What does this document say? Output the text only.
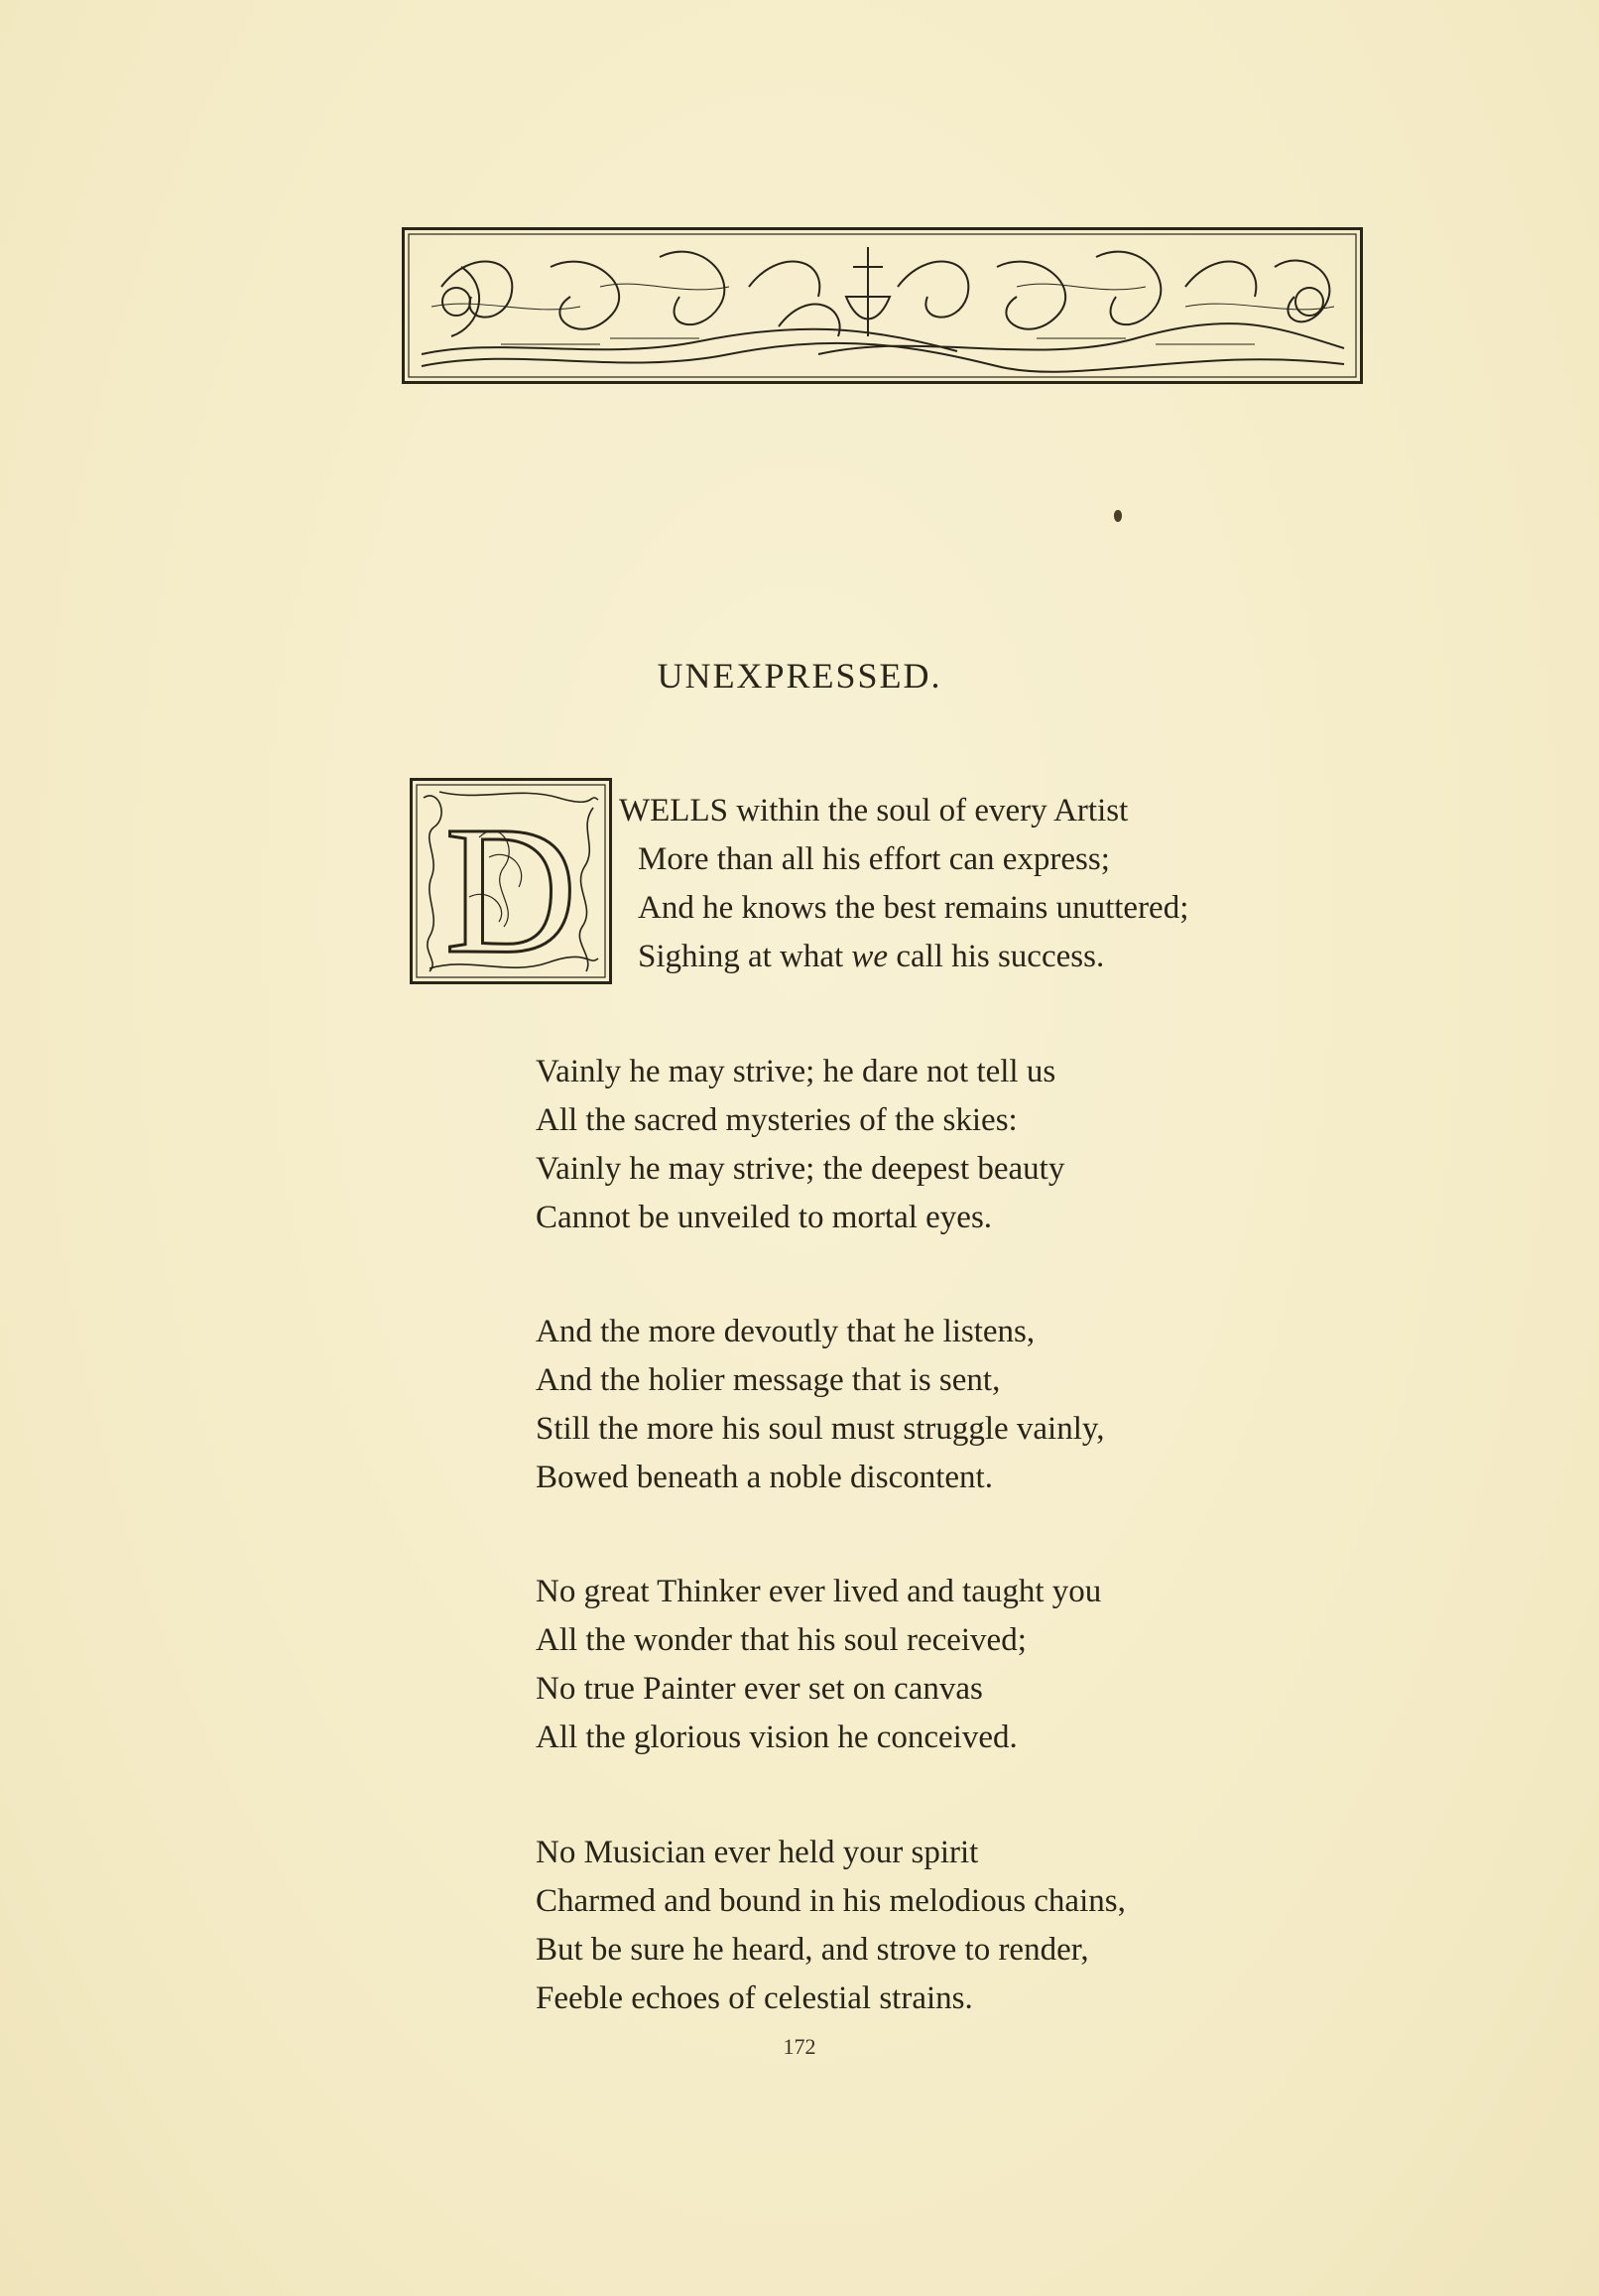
UNEXPRESSED.
D WELLS within the soul of every Artist
More than all his effort can express;
And he knows the best remains unuttered;
Sighing at what we call his success.
Vainly he may strive; he dare not tell us
All the sacred mysteries of the skies:
Vainly he may strive; the deepest beauty
Cannot be unveiled to mortal eyes.
And the more devoutly that he listens,
And the holier message that is sent,
Still the more his soul must struggle vainly,
Bowed beneath a noble discontent.
No great Thinker ever lived and taught you
All the wonder that his soul received;
No true Painter ever set on canvas
All the glorious vision he conceived.
No Musician ever held your spirit
Charmed and bound in his melodious chains,
But be sure he heard, and strove to render,
Feeble echoes of celestial strains.
172
